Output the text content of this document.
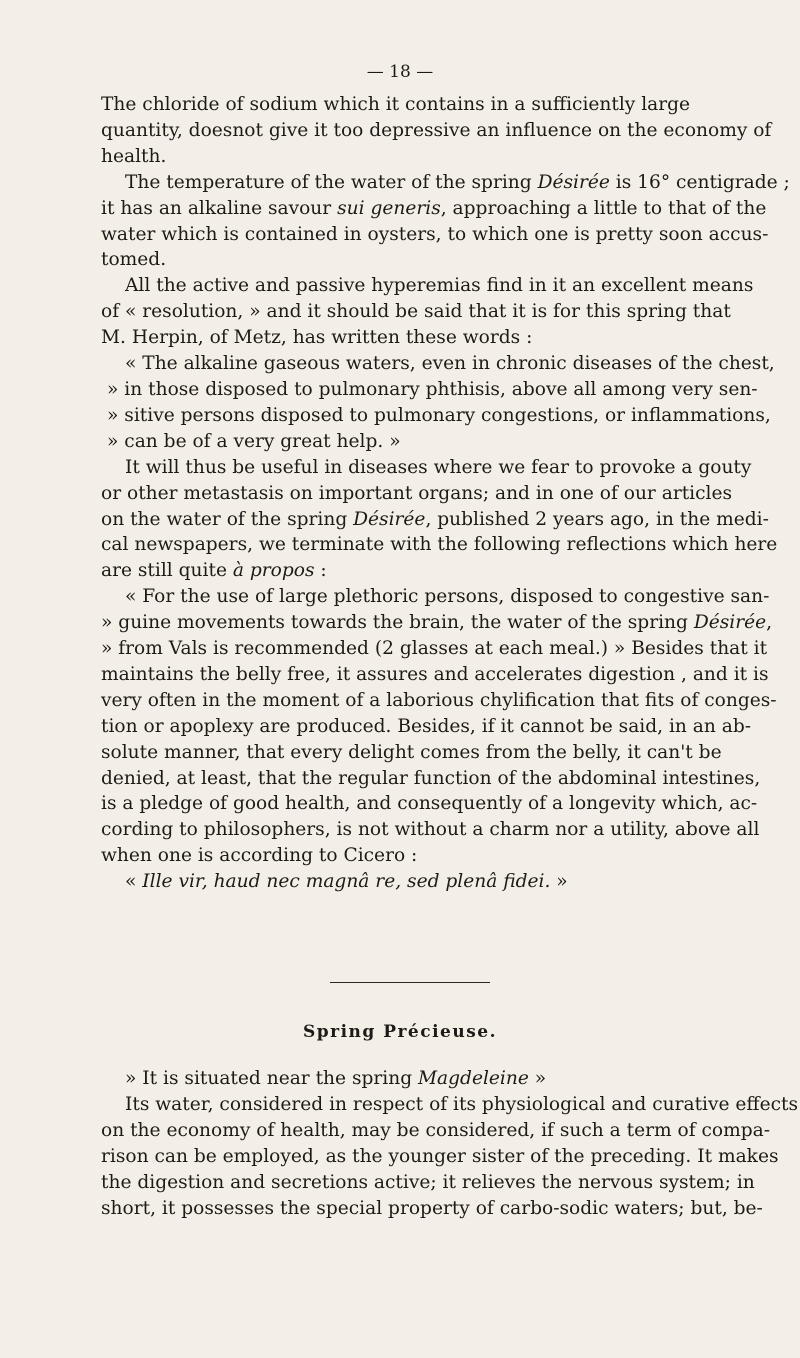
— 18 —
The chloride of sodium which it contains in a sufficiently large
quantity, doesnot give it too depressive an influence on the economy of
health.
The temperature of the water of the spring Désirée is 16° centigrade ;
it has an alkaline savour sui generis, approaching a little to that of the
water which is contained in oysters, to which one is pretty soon accus-
tomed.
All the active and passive hyperemias find in it an excellent means
of « resolution, » and it should be said that it is for this spring that
M. Herpin, of Metz, has written these words :
« The alkaline gaseous waters, even in chronic diseases of the chest,
» in those disposed to pulmonary phthisis, above all among very sen-
» sitive persons disposed to pulmonary congestions, or inflammations,
» can be of a very great help. »
It will thus be useful in diseases where we fear to provoke a gouty
or other metastasis on important organs; and in one of our articles
on the water of the spring Désirée, published 2 years ago, in the medi-
cal newspapers, we terminate with the following reflections which here
are still quite à propos :
« For the use of large plethoric persons, disposed to congestive san-
» guine movements towards the brain, the water of the spring Désirée,
» from Vals is recommended (2 glasses at each meal.) » Besides that it
maintains the belly free, it assures and accelerates digestion , and it is
very often in the moment of a laborious chylification that fits of conges-
tion or apoplexy are produced. Besides, if it cannot be said, in an ab-
solute manner, that every delight comes from the belly, it can't be
denied, at least, that the regular function of the abdominal intestines,
is a pledge of good health, and consequently of a longevity which, ac-
cording to philosophers, is not without a charm nor a utility, above all
when one is according to Cicero :
« Ille vir, haud nec magnâ re, sed plenâ fidei. »
Spring Précieuse.
» It is situated near the spring Magdeleine »
Its water, considered in respect of its physiological and curative effects
on the economy of health, may be considered, if such a term of compa-
rison can be employed, as the younger sister of the preceding. It makes
the digestion and secretions active; it relieves the nervous system; in
short, it possesses the special property of carbo-sodic waters; but, be-
